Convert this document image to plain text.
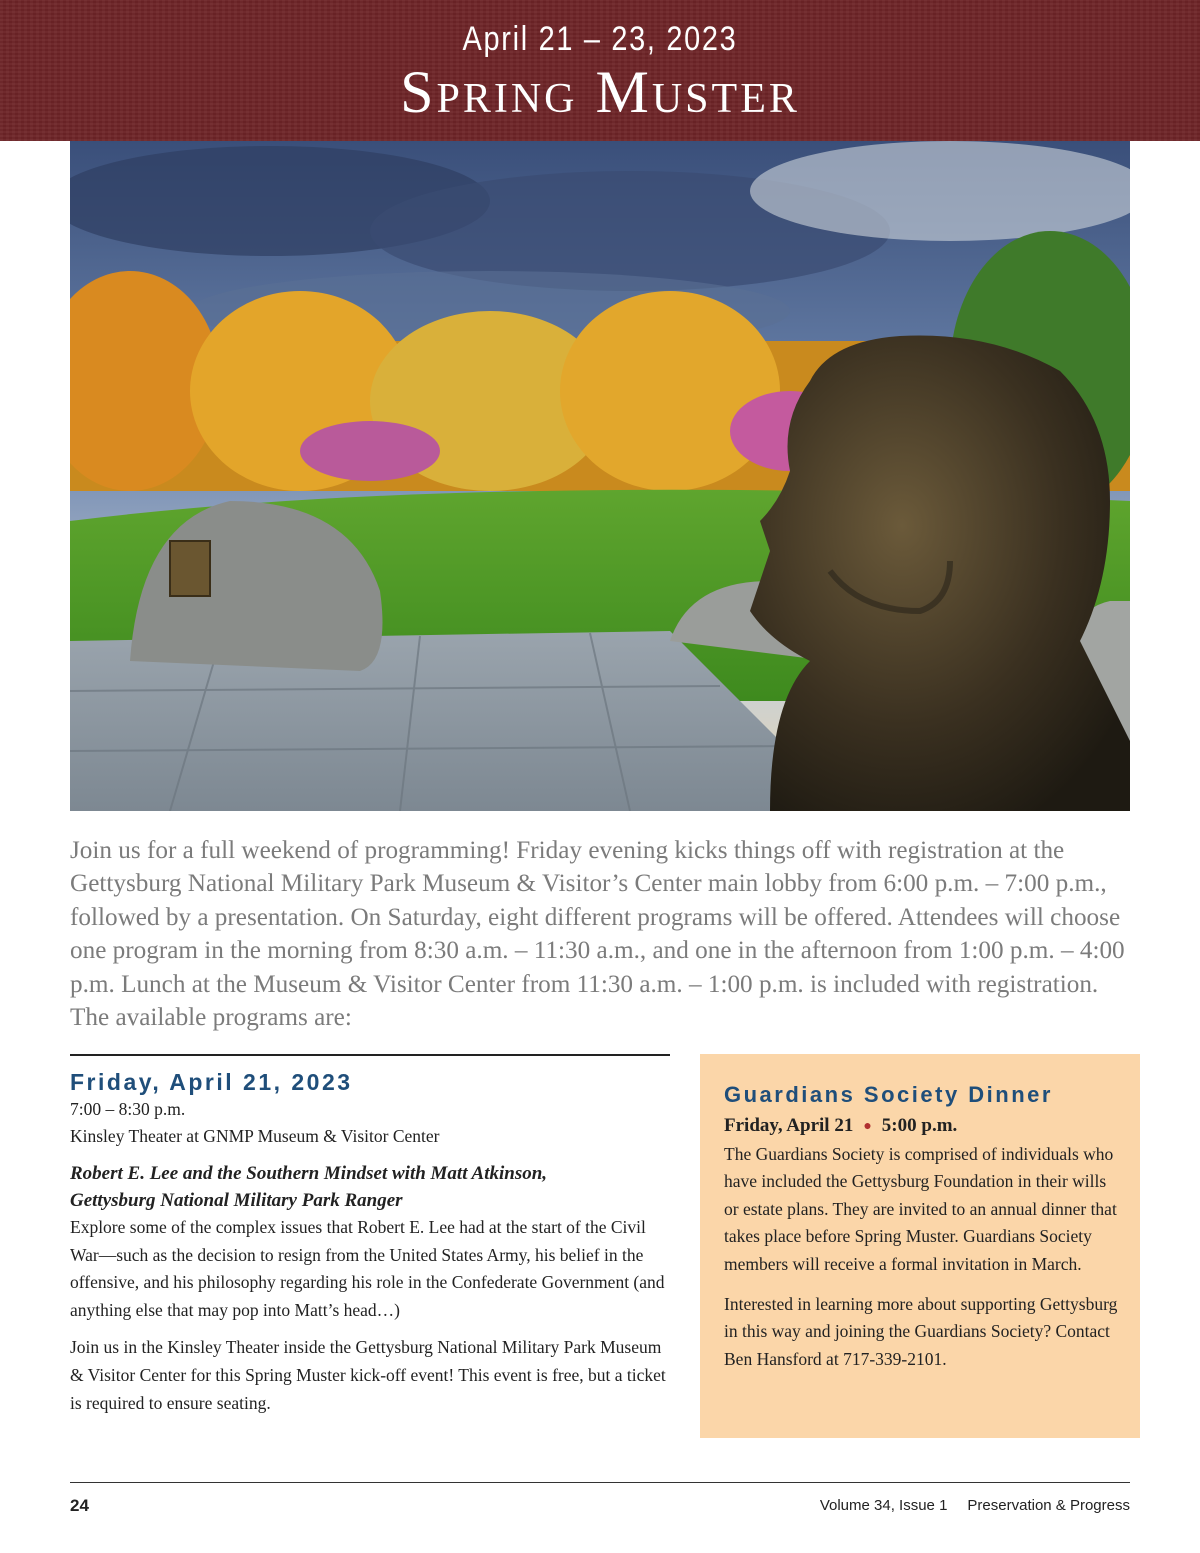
April 21 – 23, 2023
Spring Muster
Join us for a full weekend of programming! Friday evening kicks things off with registration at the Gettysburg National Military Park Museum & Visitor’s Center main lobby from 6:00 p.m. – 7:00 p.m., followed by a presentation. On Saturday, eight different programs will be offered. Attendees will choose one program in the morning from 8:30 a.m. – 11:30 a.m., and one in the afternoon from 1:00 p.m. – 4:00 p.m. Lunch at the Museum & Visitor Center from 11:30 a.m. – 1:00 p.m. is included with registration. The available programs are:
Friday, April 21, 2023
7:00 – 8:30 p.m.
Kinsley Theater at GNMP Museum & Visitor Center
Robert E. Lee and the Southern Mindset with Matt Atkinson,
Gettysburg National Military Park Ranger
Explore some of the complex issues that Robert E. Lee had at the start of the Civil War—such as the decision to resign from the United States Army, his belief in the offensive, and his philosophy regarding his role in the Confederate Government (and anything else that may pop into Matt’s head…)
Join us in the Kinsley Theater inside the Gettysburg National Military Park Museum & Visitor Center for this Spring Muster kick-off event! This event is free, but a ticket is required to ensure seating.
Guardians Society Dinner
Friday, April 21 ● 5:00 p.m.
The Guardians Society is comprised of individuals who have included the Gettysburg Foundation in their wills or estate plans. They are invited to an annual dinner that takes place before Spring Muster. Guardians Society members will receive a formal invitation in March.
Interested in learning more about supporting Gettysburg in this way and joining the Guardians Society? Contact Ben Hansford at 717-339-2101.
24	Volume 34, Issue 1 Preservation & Progress
